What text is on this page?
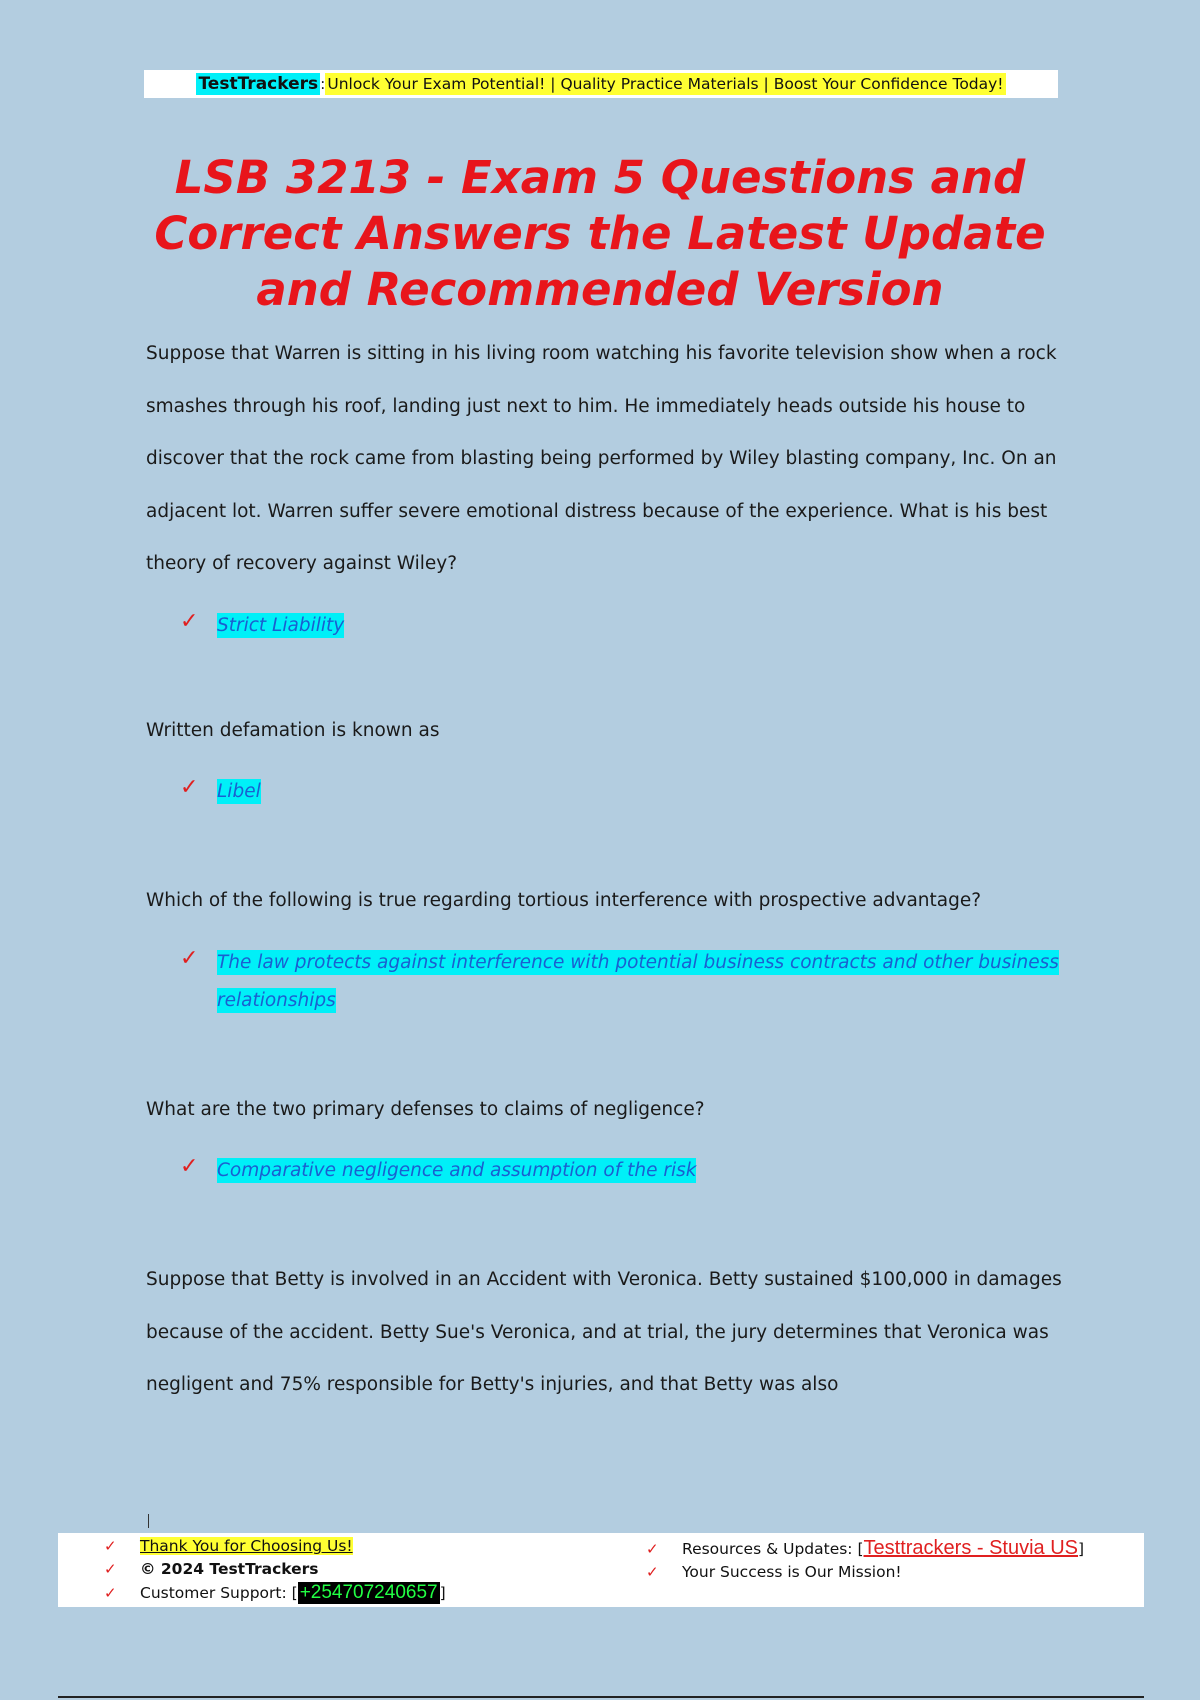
TestTrackers : Unlock Your Exam Potential! | Quality Practice Materials | Boost Your Confidence Today!
LSB 3213 - Exam 5 Questions and Correct Answers the Latest Update and Recommended Version

Suppose that Warren is sitting in his living room watching his favorite television show when a rock smashes through his roof, landing just next to him. He immediately heads outside his house to discover that the rock came from blasting being performed by Wiley blasting company, Inc. On an adjacent lot. Warren suffer severe emotional distress because of the experience. What is his best theory of recovery against Wiley?

✓	Strict Liability

Written defamation is known as

✓	Libel

Which of the following is true regarding tortious interference with prospective advantage?

✓	The law protects against interference with potential business contracts and other business relationships

What are the two primary defenses to claims of negligence?

✓	Comparative negligence and assumption of the risk

Suppose that Betty is involved in an Accident with Veronica. Betty sustained $100,000 in damages because of the accident. Betty Sue's Veronica, and at trial, the jury determines that Veronica was negligent and 75% responsible for Betty's injuries, and that Betty was also

✓	Thank You for Choosing Us!
✓	© 2024 TestTrackers
✓	Customer Support: [ +254707240657 ]
✓	Resources & Updates: [ Testtrackers - Stuvia US ]
✓	Your Success is Our Mission!
